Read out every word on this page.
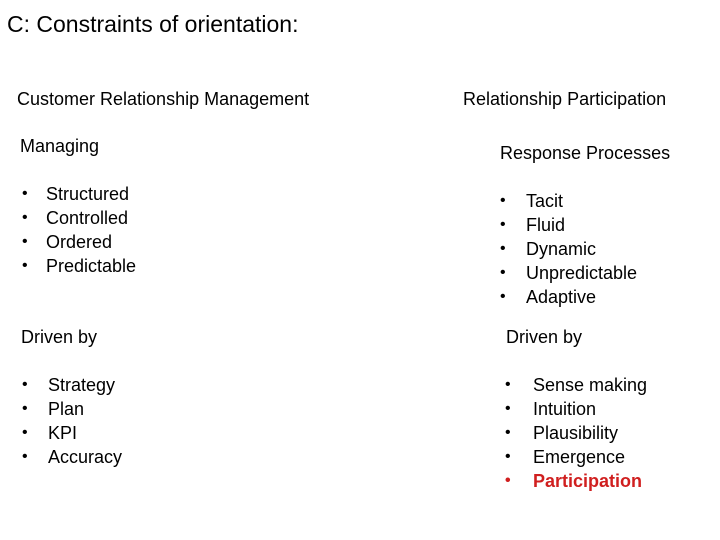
C: Constraints of orientation:
Customer Relationship Management
Managing
•	Structured
•	Controlled
•	Ordered
•	Predictable
Driven by
•	Strategy
•	Plan
•	KPI
•	Accuracy
Relationship Participation
Response Processes
•	Tacit
•	Fluid
•	Dynamic
•	Unpredictable
•	Adaptive
Driven by
•	Sense making
•	Intuition
•	Plausibility
•	Emergence
•	Participation
